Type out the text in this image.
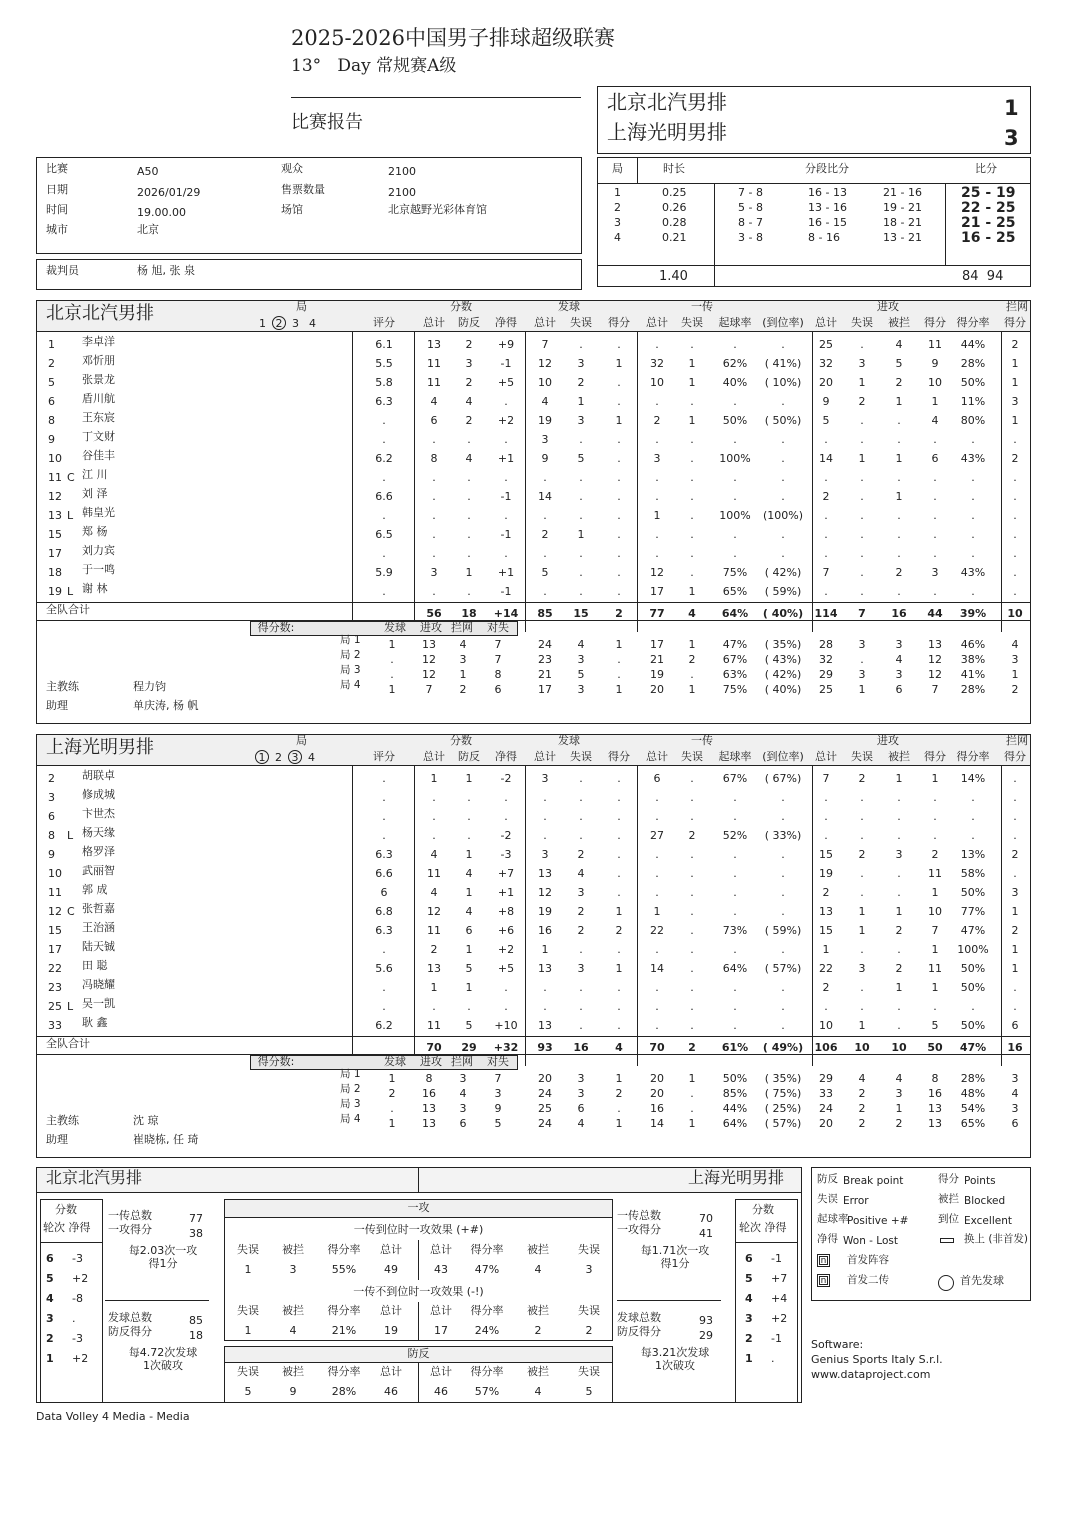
2025-2026中国男子排球超级联赛
13°   Day 常规赛A级
比赛报告
北京北汽男排
上海光明男排
1
3
比赛	A50
日期	2026/01/29
时间	19.00.00
城市	北京
观众	2100
售票数量	2100
场馆	北京越野光彩体育馆
裁判员	杨 旭, 张 泉
局	时长	分段比分	比分
1	0.25	7 - 8	16 - 13	21 - 16	25 - 19
2	0.26	5 - 8	13 - 16	19 - 21	22 - 25
3	0.28	8 - 7	16 - 15	18 - 21	21 - 25
4	0.21	3 - 8	8 - 16	13 - 21	16 - 25
1.40	84  94
北京北汽男排	局
1 2 3 4	评分
分数	发球	一传	进攻	拦网
总计	防反	净得	总计	失误	得分	总计	失误	起球率 (到位率)	总计	失误	被拦	得分 得分率	得分
1 李卓洋	6.1	13	2	+9	7	.	.	.	.	.	.	25	.	4	11	44%	2
2 邓忻朋	5.5	11	3	-1	12	3	1	32	1	62%	( 41%)	32	3	5	9	28%	1
5 张景龙	5.8	11	2	+5	10	2	.	10	1	40%	( 10%)	20	1	2	10	50%	1
6 盾川航	6.3	4	4	.	4	1	.	.	.	.	.	9	2	1	1	11%	3
8 王东宸	.	6	2	+2	19	3	1	2	1	50%	( 50%)	5	.	.	4	80%	1
9 丁文财	.	.	.	.	3	.	.	.	.	.	.	.	.	.	.	.	.
10 谷佳丰	6.2	8	4	+1	9	5	.	3	.	100%	.	14	1	1	6	43%	2
11 C 江 川	.	.	.	.	.	.	.	.	.	.	.	.	.	.	.	.	.
12 刘 泽	6.6	.	.	-1	14	.	.	.	.	.	.	2	.	1	.	.	.
13 L 韩皇光	.	.	.	.	.	.	.	1	.	100%	(100%)	.	.	.	.	.	.
15 郑 杨	6.5	.	.	-1	2	1	.	.	.	.	.	.	.	.	.	.	.
17 刘力宾	.	.	.	.	.	.	.	.	.	.	.	.	.	.	.	.	.
18 于一鸣	5.9	3	1	+1	5	.	.	12	.	75%	( 42%)	7	.	2	3	43%	.
19 L 谢 林	.	.	.	-1	.	.	.	17	1	65%	( 59%)	.	.	.	.	.	.
全队合计	56	18	+14	85	15	2	77	4	64%	( 40%)	114	7	16	44	39%	10
得分数:	发球	进攻 拦网	对失
局 1	1	13	4	7	24	4	1	17	1	47%	( 35%)	28	3	3	13	46%	4
局 2	.	12	3	7	23	3	.	21	2	67%	( 43%)	32	.	4	12	38%	3
局 3	.	12	1	8	21	5	.	19	.	63%	( 42%)	29	3	3	12	41%	1
局 4	1	7	2	6	17	3	1	20	1	75%	( 40%)	25	1	6	7	28%	2
主教练	程力钧
助理	单庆涛, 杨 帆
上海光明男排	局
1 2 3 4	评分
分数	发球	一传	进攻	拦网
总计	防反	净得	总计	失误	得分	总计	失误	起球率 (到位率)	总计	失误	被拦	得分 得分率	得分
2 胡联卓	.	1	1	-2	3	.	.	6	.	67%	( 67%)	7	2	1	1	14%	.
3 修成城	.	.	.	.	.	.	.	.	.	.	.	.	.	.	.	.	.
6 卞世杰	.	.	.	.	.	.	.	.	.	.	.	.	.	.	.	.	.
8 L 杨天缘	.	.	.	-2	.	.	.	27	2	52%	( 33%)	.	.	.	.	.	.
9 格罗泽	6.3	4	1	-3	3	2	.	.	.	.	.	15	2	3	2	13%	2
10 武丽智	6.6	11	4	+7	13	4	.	.	.	.	.	19	.	.	11	58%	.
11 郭 成	6	4	1	+1	12	3	.	.	.	.	.	2	.	.	1	50%	3
12 C 张哲嘉	6.8	12	4	+8	19	2	1	1	.	.	.	13	1	1	10	77%	1
15 王治涵	6.3	11	6	+6	16	2	2	22	.	73%	( 59%)	15	1	2	7	47%	2
17 陆天铖	.	2	1	+2	1	.	.	.	.	.	.	1	.	.	1	100%	1
22 田 聪	5.6	13	5	+5	13	3	1	14	.	64%	( 57%)	22	3	2	11	50%	1
23 冯晓耀	.	1	1	.	.	.	.	.	.	.	.	2	.	1	1	50%	.
25 L 吴一凯	.	.	.	.	.	.	.	.	.	.	.	.	.	.	.	.	.
33 耿 鑫	6.2	11	5	+10	13	.	.	.	.	.	.	10	1	.	5	50%	6
全队合计	70	29	+32	93	16	4	70	2	61%	( 49%)	106	10	10	50	47%	16
得分数:	发球	进攻 拦网	对失
局 1	1	8	3	7	20	3	1	20	1	50%	( 35%)	29	4	4	8	28%	3
局 2	2	16	4	3	24	3	2	20	.	85%	( 75%)	33	2	3	16	48%	4
局 3	.	13	3	9	25	6	.	16	.	44%	( 25%)	24	2	1	13	54%	3
局 4	1	13	6	5	24	4	1	14	1	64%	( 57%)	20	2	2	13	65%	6
主教练	沈 琼
助理	崔晓栋, 任 琦
北京北汽男排	上海光明男排
分数
轮次 净得
6 -3
5 +2
4 -8
3 .
2 -3
1 +2
分数
轮次 净得
6 -1
5 +7
4 +4
3 +2
2 -1
1 .
一传总数	77
一攻得分	38
每2.03次一攻
得1分
发球总数	85
防反得分	18
每4.72次发球
1次破攻
一传总数	70
一攻得分	41
每1.71次一攻
得1分
发球总数	93
防反得分	29
每3.21次发球
1次破攻
一攻
一传到位时一攻效果 (+#)
一传不到位时一攻效果 (-!)
失误
1
被拦
3
得分率
55%
总计
49
总计
43
得分率
47%
被拦
4
失误
3
失误
1
被拦
4
得分率
21%
总计
19
总计
17
得分率
24%
被拦
2
失误
2
防反
失误
5
被拦
9
得分率
28%
总计
46
总计
46
得分率
57%
被拦
4
失误
5
防反 Break point	得分 Points
失误 Error	被拦 Blocked
起球率
Positive +#	到位 Excellent
净得 Won - Lost	换上 (非首发)
n	首发阵容
n	首发二传	首先发球
Software:
Genius Sports Italy S.r.l.
www.dataproject.com
Data Volley 4 Media - Media
